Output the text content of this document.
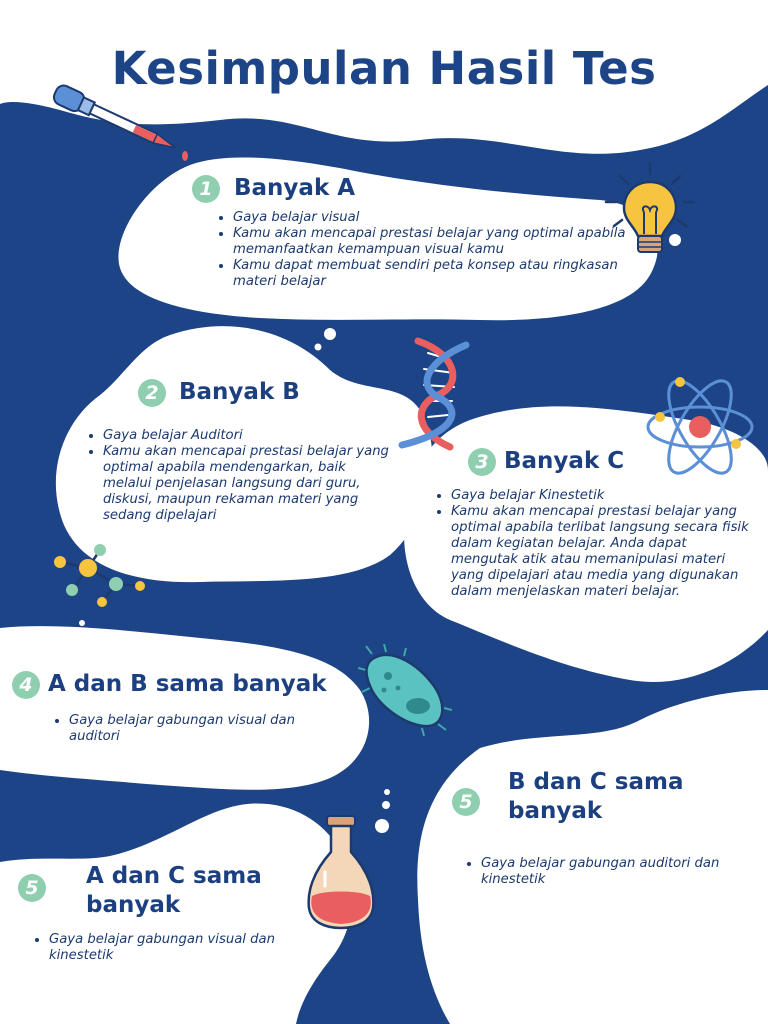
Kesimpulan Hasil Tes
1 Banyak A
Gaya belajar visual
Kamu akan mencapai prestasi belajar yang optimal apabila memanfaatkan kemampuan visual kamu
Kamu dapat membuat sendiri peta konsep atau ringkasan materi belajar
2 Banyak B
Gaya belajar Auditori
Kamu akan mencapai prestasi belajar yang optimal apabila mendengarkan, baik melalui penjelasan langsung dari guru, diskusi, maupun rekaman materi yang sedang dipelajari
3 Banyak C
Gaya belajar Kinestetik
Kamu akan mencapai prestasi belajar yang optimal apabila terlibat langsung secara fisik dalam kegiatan belajar. Anda dapat mengutak atik atau memanipulasi materi yang dipelajari atau media yang digunakan dalam menjelaskan materi belajar.
4 A dan B sama banyak
Gaya belajar gabungan visual dan auditori
5
B dan C sama banyak
Gaya belajar gabungan auditori dan kinestetik
5	A dan C sama banyak
Gaya belajar gabungan visual dan kinestetik
